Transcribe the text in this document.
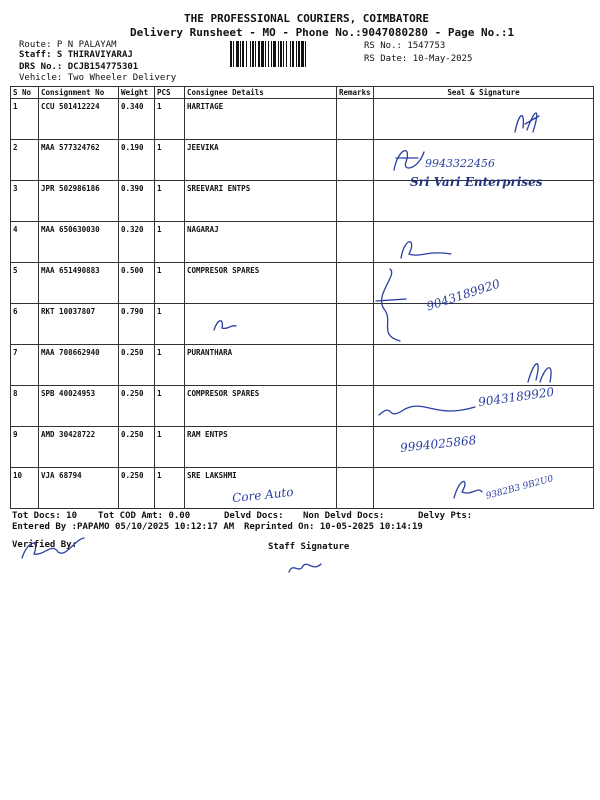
THE PROFESSIONAL COURIERS, COIMBATORE
Delivery Runsheet - MO - Phone No.:9047080280 - Page No.:1
Route: P N PALAYAM
Staff: S THIRAVIYARAJ
DRS No.: DCJB154775301
Vehicle: Two Wheeler Delivery
RS No.: 1547753
RS Date: 10-May-2025
S No	Consignment No	Weight	PCS	Consignee Details	Remarks	Seal & Signature
1	CCU 501412224	0.340	1	HARITAGE		
2	MAA 577324762	0.190	1	JEEVIKA		
3	JPR 502986186	0.390	1	SREEVARI ENTPS		
4	MAA 650630030	0.320	1	NAGARAJ		
5	MAA 651490883	0.500	1	COMPRESOR SPARES		
6	RKT 10037807	0.790	1			
7	MAA 708662940	0.250	1	PURANTHARA		
8	SPB 40024953	0.250	1	COMPRESOR SPARES		
9	AMD 30428722	0.250	1	RAM ENTPS		
10	VJA 68794	0.250	1	SRE LAKSHMI		
9943322456
Sri Vari Enterprises
9043189920
9043189920
9994025868
Core Auto	9382B3 9B2U0
Tot Docs: 10 Tot COD Amt: 0.00	Delvd Docs: Non Delvd Docs:	Delvy Pts:
Entered By :PAPAMO 05/10/2025 10:12:17 AM Reprinted On: 10-05-2025 10:14:19
Verified By:	Staff Signature
